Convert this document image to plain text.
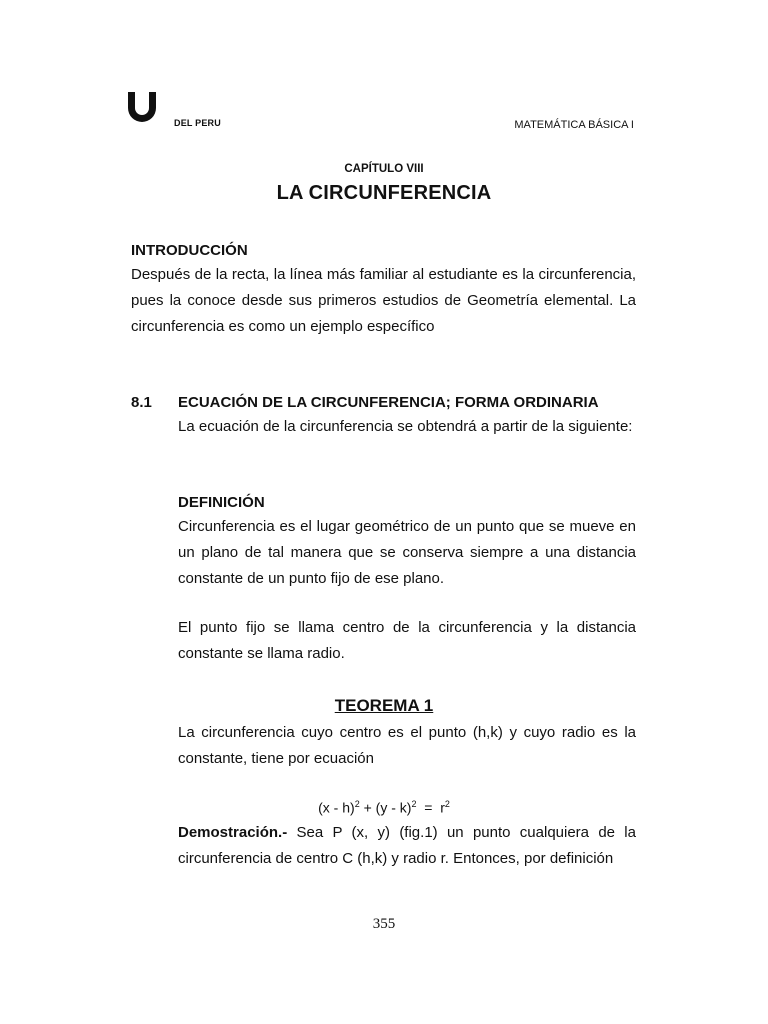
DEL PERU	MATEMÁTICA BÁSICA I
CAPÍTULO VIII
LA CIRCUNFERENCIA
INTRODUCCIÓN

Después de la recta, la línea más familiar al estudiante es la circunferencia, pues la conoce desde sus primeros estudios de Geometría elemental. La circunferencia es como un ejemplo específico

8.1 ECUACIÓN DE LA CIRCUNFERENCIA; FORMA ORDINARIA

La ecuación de la circunferencia se obtendrá a partir de la siguiente:

DEFINICIÓN

Circunferencia es el lugar geométrico de un punto que se mueve en un plano de tal manera que se conserva siempre a una distancia constante de un punto fijo de ese plano.

El punto fijo se llama centro de la circunferencia y la distancia constante se llama radio.

TEOREMA 1

La circunferencia cuyo centro es el punto (h,k) y cuyo radio es la constante, tiene por ecuación

$(x - h)^2 + (y - k)^2 = r^2$

Demostración.- Sea P (x, y) (fig.1) un punto cualquiera de la circunferencia de centro C (h,k) y radio r. Entonces, por definición

355
